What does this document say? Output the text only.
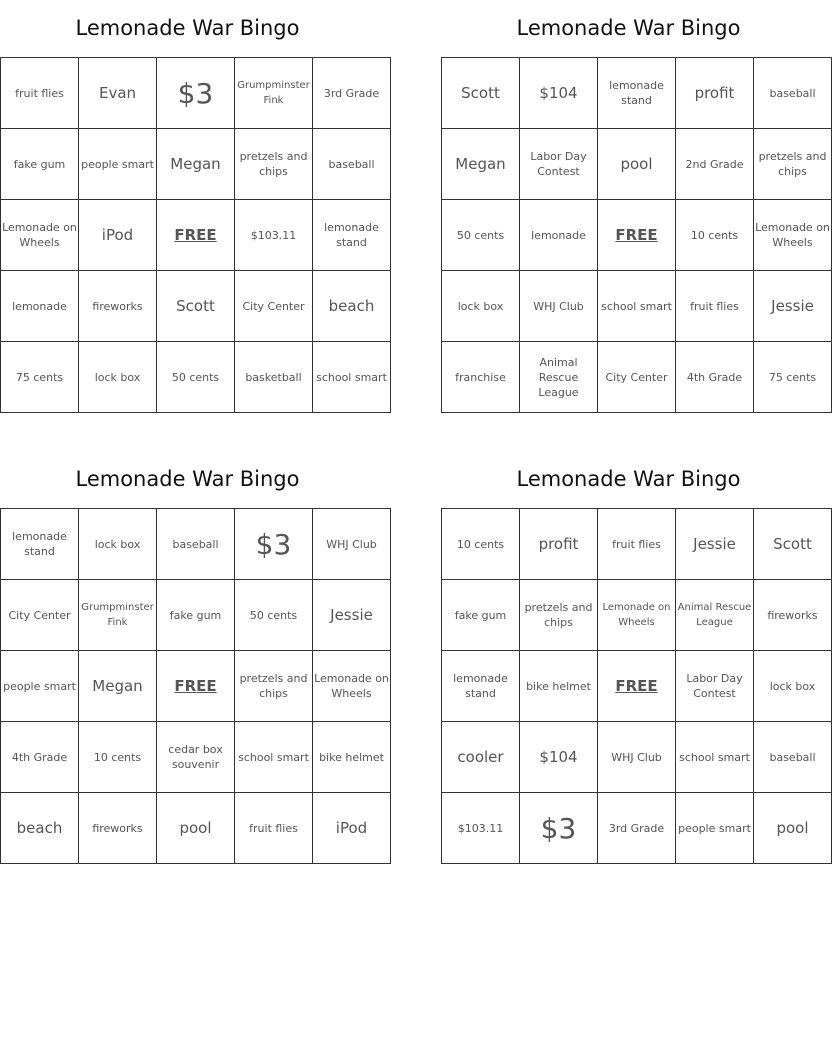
Lemonade War Bingo
fruit flies	Evan	$3	Grumpminster Fink	3rd Grade
fake gum	people smart	Megan	pretzels and chips	baseball
Lemonade on Wheels	iPod	FREE	$103.11	lemonade stand
lemonade	fireworks	Scott	City Center	beach
75 cents	lock box	50 cents	basketball	school smart
Lemonade War Bingo
Scott	$104	lemonade stand	profit	baseball
Megan	Labor Day Contest	pool	2nd Grade	pretzels and chips
50 cents	lemonade	FREE	10 cents	Lemonade on Wheels
lock box	WHJ Club	school smart	fruit flies	Jessie
franchise	Animal Rescue League	City Center	4th Grade	75 cents
Lemonade War Bingo
lemonade stand	lock box	baseball	$3	WHJ Club
City Center	Grumpminster Fink	fake gum	50 cents	Jessie
people smart	Megan	FREE	pretzels and chips	Lemonade on Wheels
4th Grade	10 cents	cedar box souvenir	school smart	bike helmet
beach	fireworks	pool	fruit flies	iPod
Lemonade War Bingo
10 cents	profit	fruit flies	Jessie	Scott
fake gum	pretzels and chips	Lemonade on Wheels	Animal Rescue League	fireworks
lemonade stand	bike helmet	FREE	Labor Day Contest	lock box
cooler	$104	WHJ Club	school smart	baseball
$103.11	$3	3rd Grade	people smart	pool
